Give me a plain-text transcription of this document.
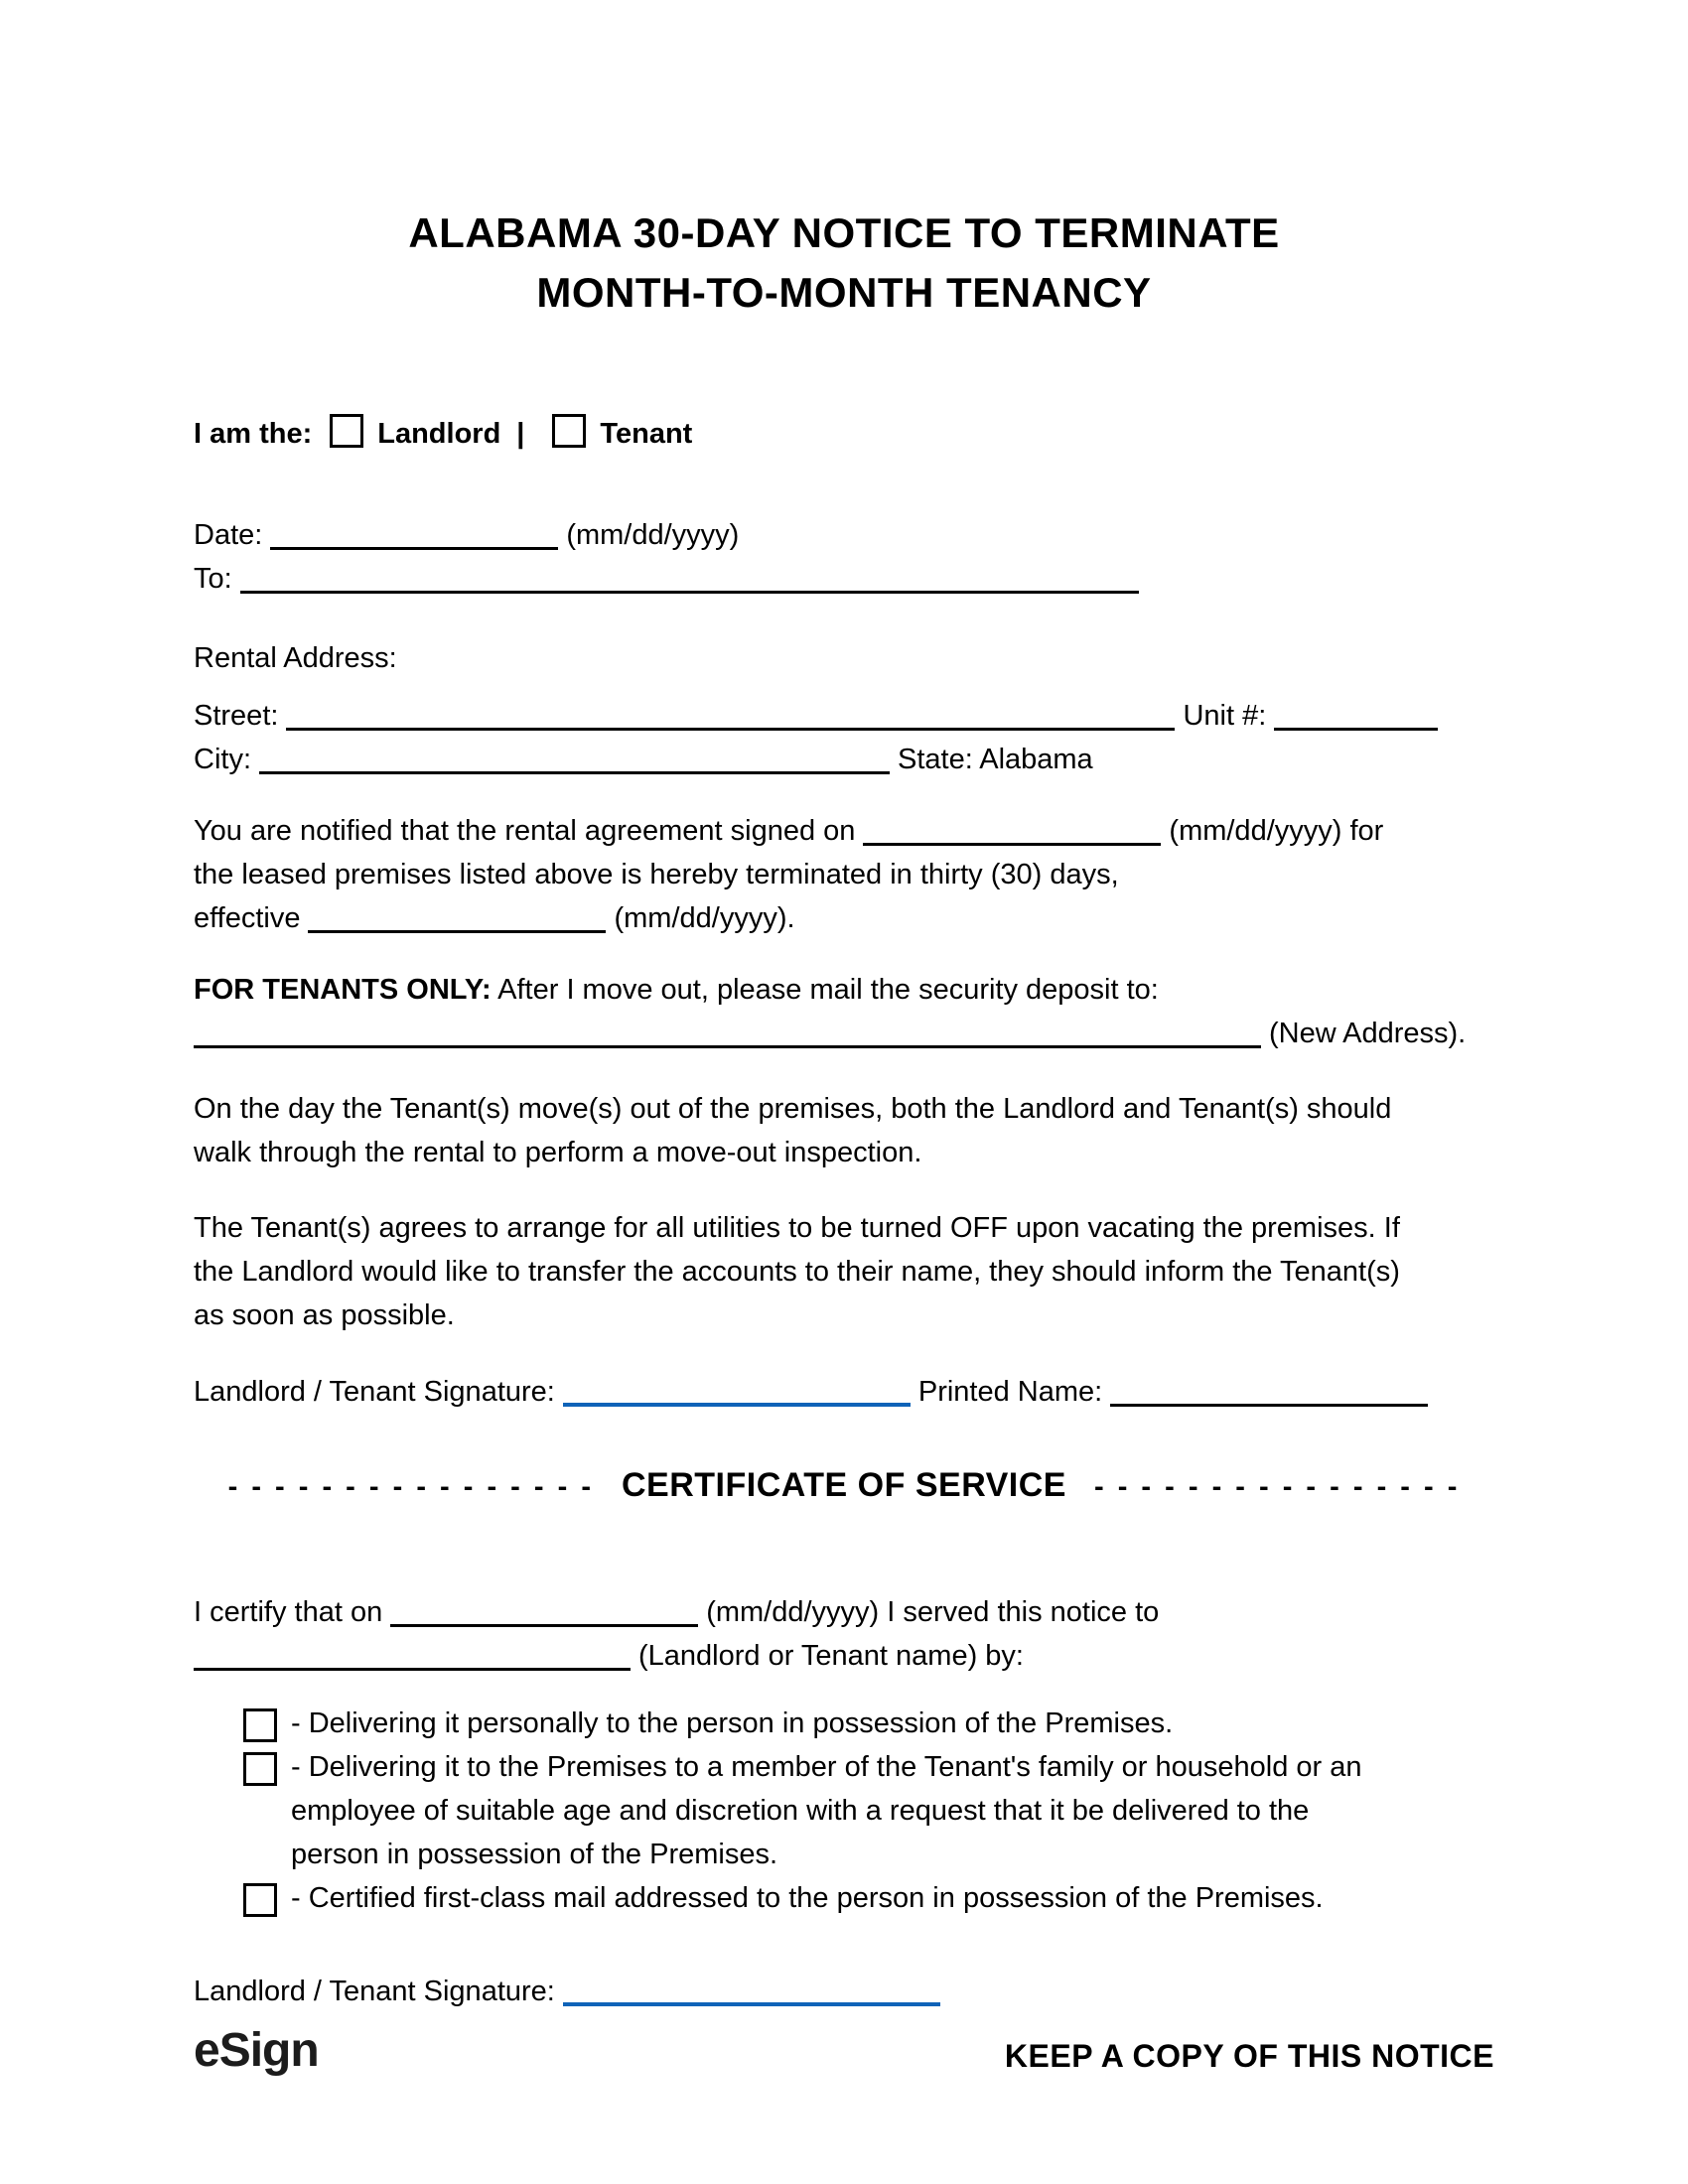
ALABAMA 30-DAY NOTICE TO TERMINATE
MONTH-TO-MONTH TENANCY
I am the: Landlord |	Tenant
Date:	(mm/dd/yyyy)
To:
Rental Address:
Street:	Unit #:
City:	State: Alabama
You are notified that the rental agreement signed on	(mm/dd/yyyy) for
the leased premises listed above is hereby terminated in thirty (30) days,
effective	(mm/dd/yyyy).
FOR TENANTS ONLY: After I move out, please mail the security deposit to:
(New Address).
On the day the Tenant(s) move(s) out of the premises, both the Landlord and Tenant(s) should
walk through the rental to perform a move-out inspection.
The Tenant(s) agrees to arrange for all utilities to be turned OFF upon vacating the premises. If
the Landlord would like to transfer the accounts to their name, they should inform the Tenant(s)
as soon as possible.
Landlord / Tenant Signature:	Printed Name:
- - - - - - - - - - - - - - - - CERTIFICATE OF SERVICE - - - - - - - - - - - - - - - -
I certify that on	(mm/dd/yyyy) I served this notice to
(Landlord or Tenant name) by:
- Delivering it personally to the person in possession of the Premises.
- Delivering it to the Premises to a member of the Tenant's family or household or an
employee of suitable age and discretion with a request that it be delivered to the
person in possession of the Premises.
- Certified first-class mail addressed to the person in possession of the Premises.
Landlord / Tenant Signature:
eSign	KEEP A COPY OF THIS NOTICE
